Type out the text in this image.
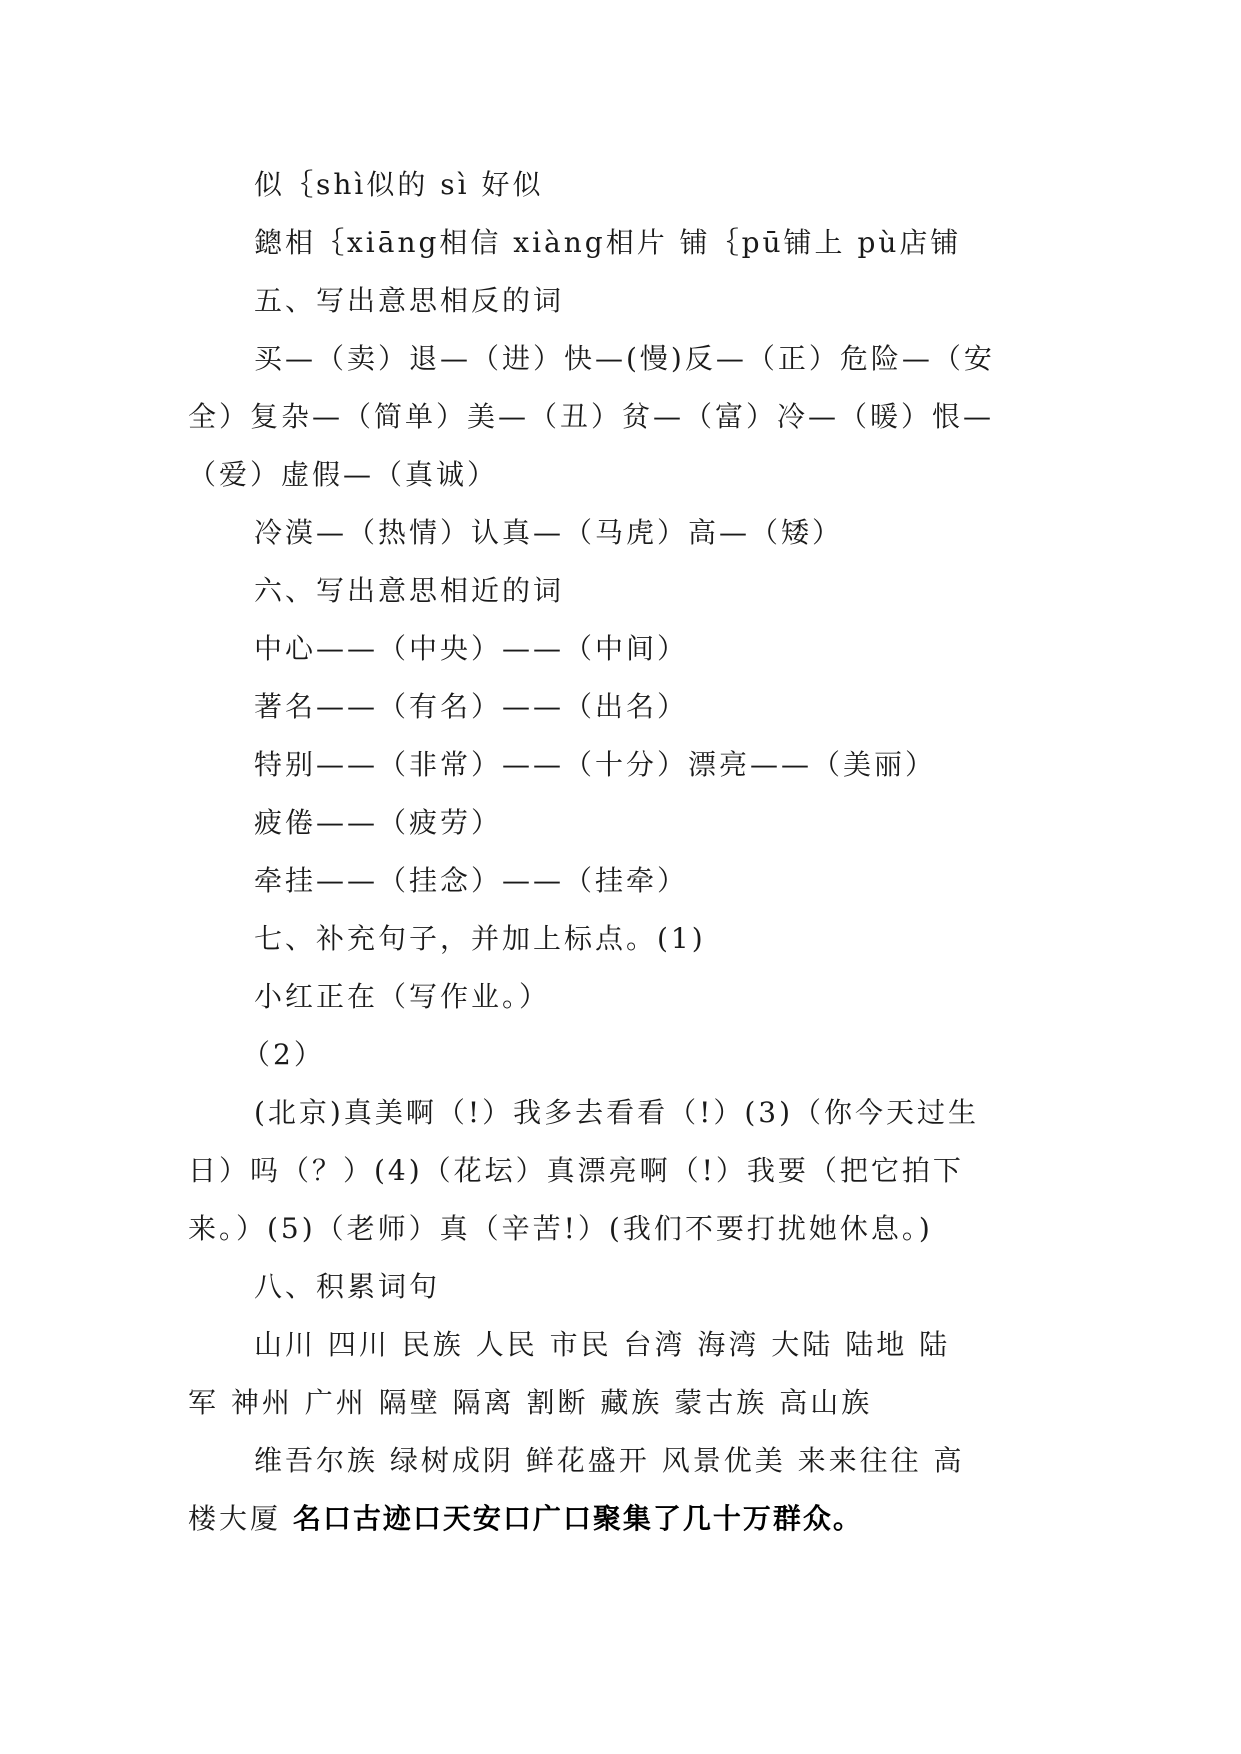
似｛shì似的 sì 好似
鏓相｛xiāng相信 xiàng相片 铺｛pū铺上 pù店铺
五、写出意思相反的词
买—（卖）退—（进）快—(慢)反—（正）危险—（安
全）复杂—（简单）美—（丑）贫—（富）冷—（暖）恨—
（爱）虚假—（真诚）
冷漠—（热情）认真—（马虎）高—（矮）
六、写出意思相近的词
中心——（中央）——（中间）
著名——（有名）——（出名）
特别——（非常）——（十分）漂亮——（美丽）
疲倦——（疲劳）
牵挂——（挂念）——（挂牵）
七、补充句子，并加上标点。(1)
小红正在（写作业。）
（2）
(北京)真美啊（!）我多去看看（!）(3)（你今天过生
日）吗（？）(4)（花坛）真漂亮啊（!）我要（把它拍下
来。）(5)（老师）真（辛苦!）(我们不要打扰她休息。)
八、积累词句
山川 四川 民族 人民 市民 台湾 海湾 大陆 陆地 陆
军 神州 广州 隔壁 隔离 割断 藏族 蒙古族 高山族
维吾尔族 绿树成阴 鲜花盛开 风景优美 来来往往 高
楼大厦 名口古迹口天安口广口聚集了几十万群众。
